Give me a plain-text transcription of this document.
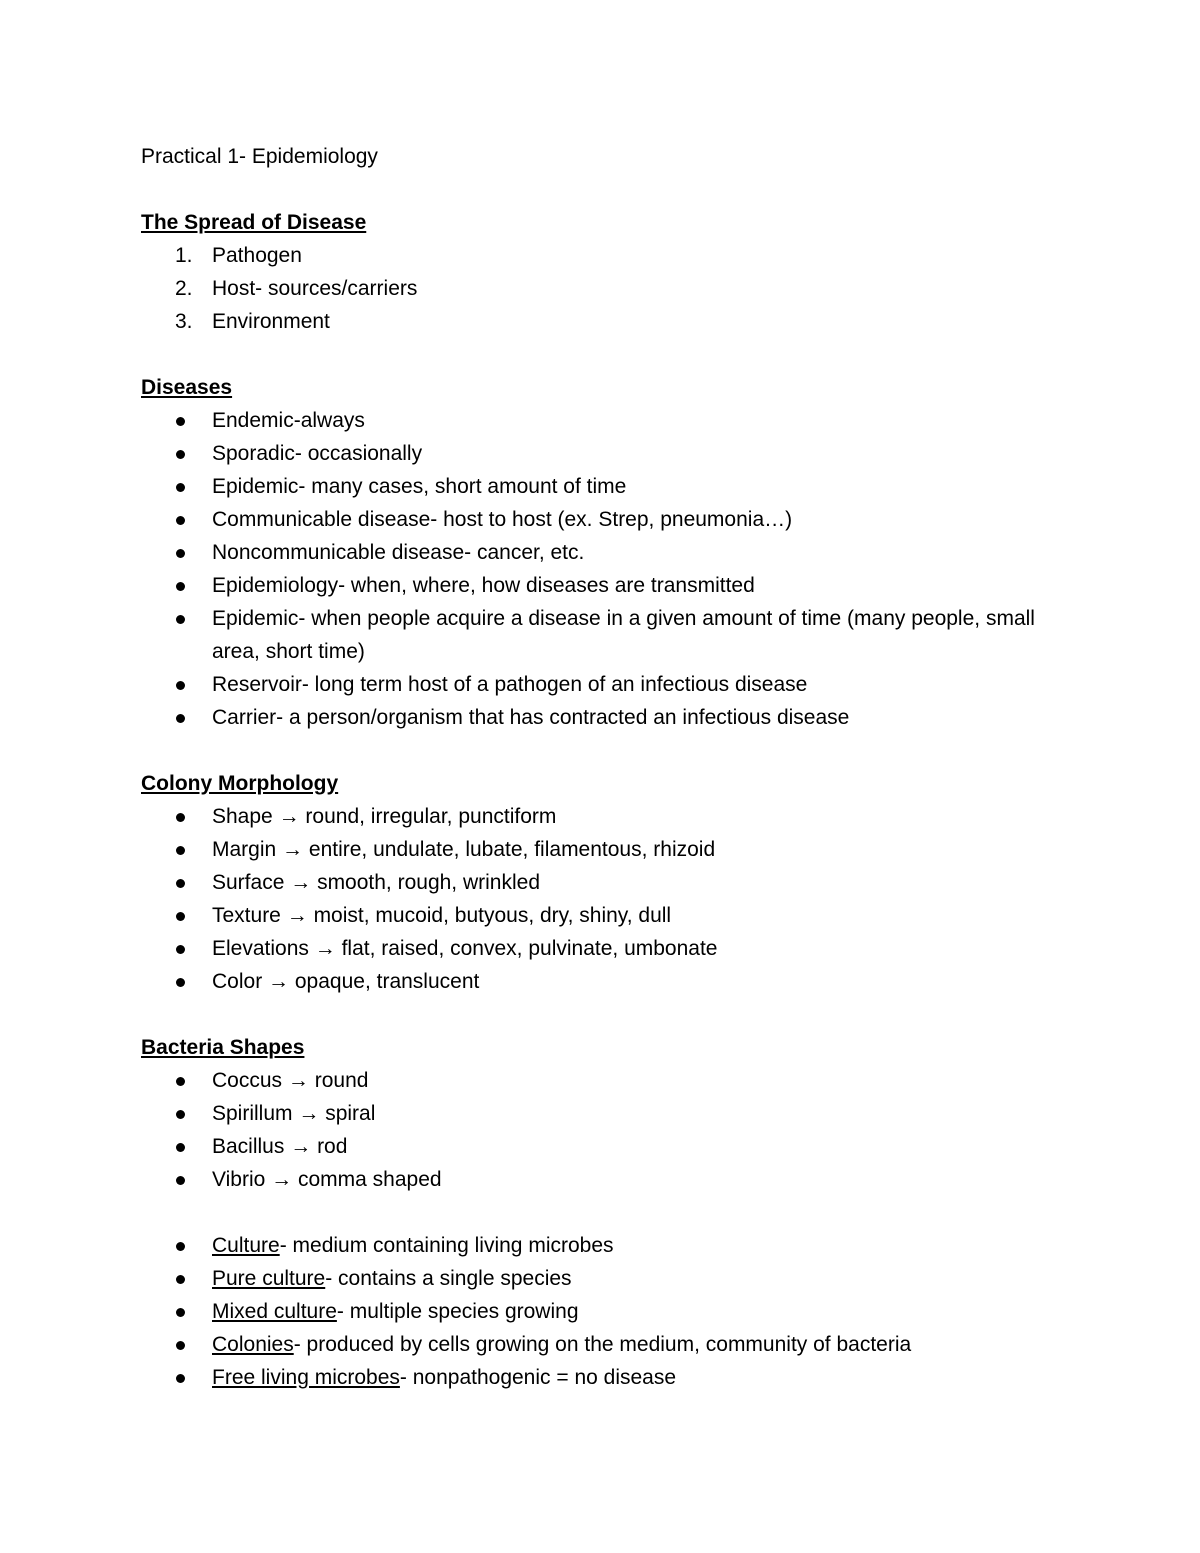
Practical 1- Epidemiology

The Spread of Disease

1. Pathogen
2. Host- sources/carriers
3. Environment

Diseases

Endemic-always
Sporadic- occasionally
Epidemic- many cases, short amount of time
Communicable disease- host to host (ex. Strep, pneumonia…)
Noncommunicable disease- cancer, etc.
Epidemiology- when, where, how diseases are transmitted
Epidemic- when people acquire a disease in a given amount of time (many people, small area, short time)
Reservoir- long term host of a pathogen of an infectious disease
Carrier- a person/organism that has contracted an infectious disease

Colony Morphology

Shape → round, irregular, punctiform
Margin → entire, undulate, lubate, filamentous, rhizoid
Surface → smooth, rough, wrinkled
Texture → moist, mucoid, butyous, dry, shiny, dull
Elevations → flat, raised, convex, pulvinate, umbonate
Color → opaque, translucent

Bacteria Shapes

Coccus → round
Spirillum → spiral
Bacillus → rod
Vibrio → comma shaped
Culture- medium containing living microbes
Pure culture- contains a single species
Mixed culture- multiple species growing
Colonies- produced by cells growing on the medium, community of bacteria
Free living microbes- nonpathogenic = no disease
